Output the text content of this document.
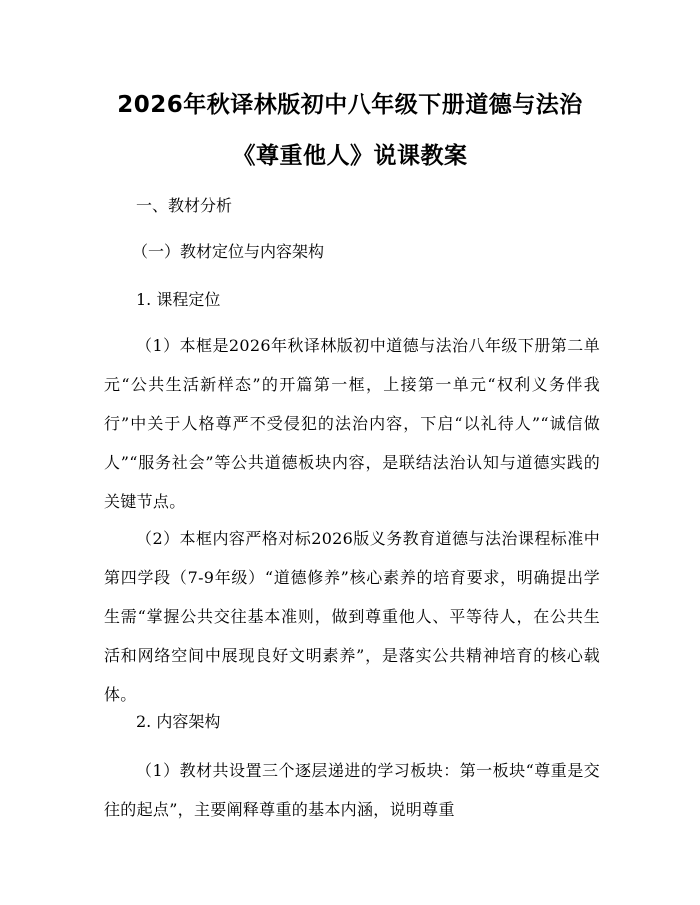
2026年秋译林版初中八年级下册道德与法治
《尊重他人》说课教案
一、教材分析
（一）教材定位与内容架构
1. 课程定位
（1）本框是2026年秋译林版初中道德与法治八年级下册第二单元“公共生活新样态”的开篇第一框，上接第一单元“权利义务伴我行”中关于人格尊严不受侵犯的法治内容，下启“以礼待人”“诚信做人”“服务社会”等公共道德板块内容，是联结法治认知与道德实践的关键节点。
（2）本框内容严格对标2026版义务教育道德与法治课程标准中第四学段（7-9年级）“道德修养”核心素养的培育要求，明确提出学生需“掌握公共交往基本准则，做到尊重他人、平等待人，在公共生活和网络空间中展现良好文明素养”，是落实公共精神培育的核心载体。
2. 内容架构
（1）教材共设置三个逐层递进的学习板块：第一板块“尊重是交往的起点”，主要阐释尊重的基本内涵，说明尊重
